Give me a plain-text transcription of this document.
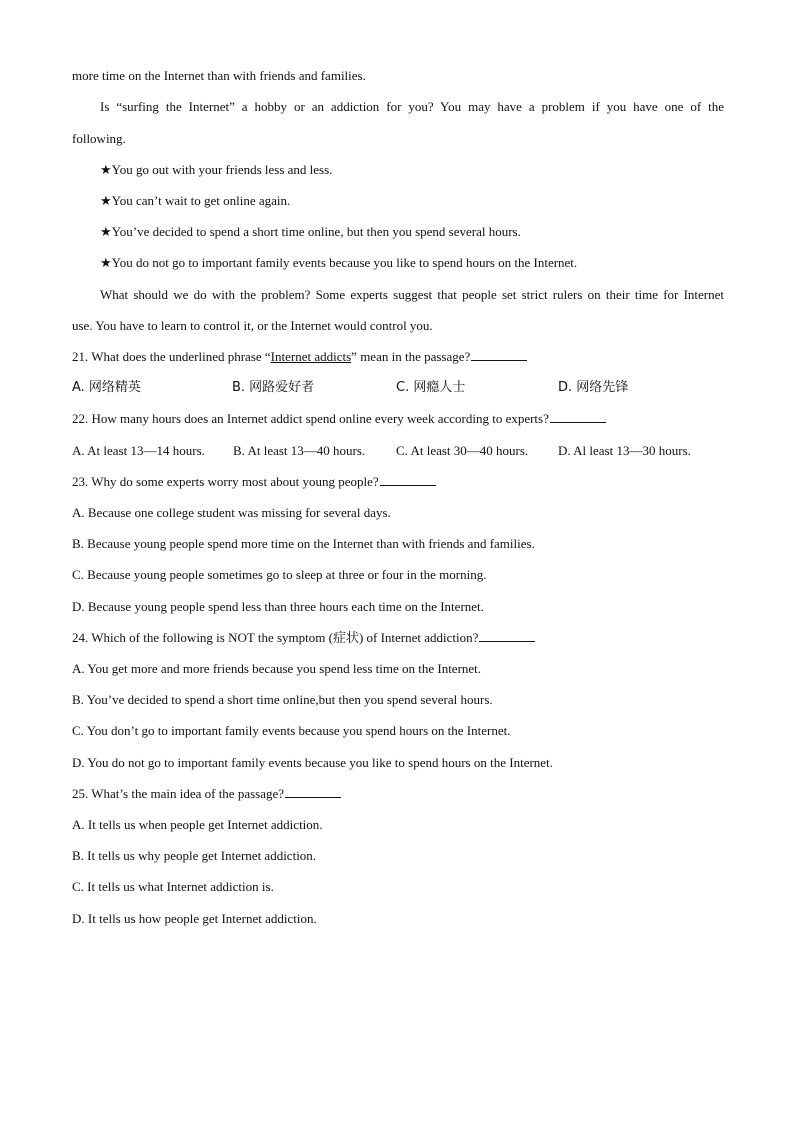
more time on the Internet than with friends and families.
Is “surfing the Internet” a hobby or an addiction for you? You may have a problem if you have one of the
following.
★You go out with your friends less and less.
★You can’t wait to get online again.
★You’ve decided to spend a short time online, but then you spend several hours.
★You do not go to important family events because you like to spend hours on the Internet.
What should we do with the problem? Some experts suggest that people set strict rulers on their time for Internet
use. You have to learn to control it, or the Internet would control you.
21. What does the underlined phrase “Internet addicts” mean in the passage?
A. 网络精英	B. 网路爱好者	C. 网瘾人士	D. 网络先锋
22. How many hours does an Internet addict spend online every week according to experts?
A. At least 13—14 hours. B. At least 13—40 hours. C. At least 30—40 hours. D. Al least 13—30 hours.
23. Why do some experts worry most about young people?
A. Because one college student was missing for several days.
B. Because young people spend more time on the Internet than with friends and families.
C. Because young people sometimes go to sleep at three or four in the morning.
D. Because young people spend less than three hours each time on the Internet.
24. Which of the following is NOT the symptom (症状) of Internet addiction?
A. You get more and more friends because you spend less time on the Internet.
B. You’ve decided to spend a short time online,but then you spend several hours.
C. You don’t go to important family events because you spend hours on the Internet.
D. You do not go to important family events because you like to spend hours on the Internet.
25. What’s the main idea of the passage?
A. It tells us when people get Internet addiction.
B. It tells us why people get Internet addiction.
C. It tells us what Internet addiction is.
D. It tells us how people get Internet addiction.
